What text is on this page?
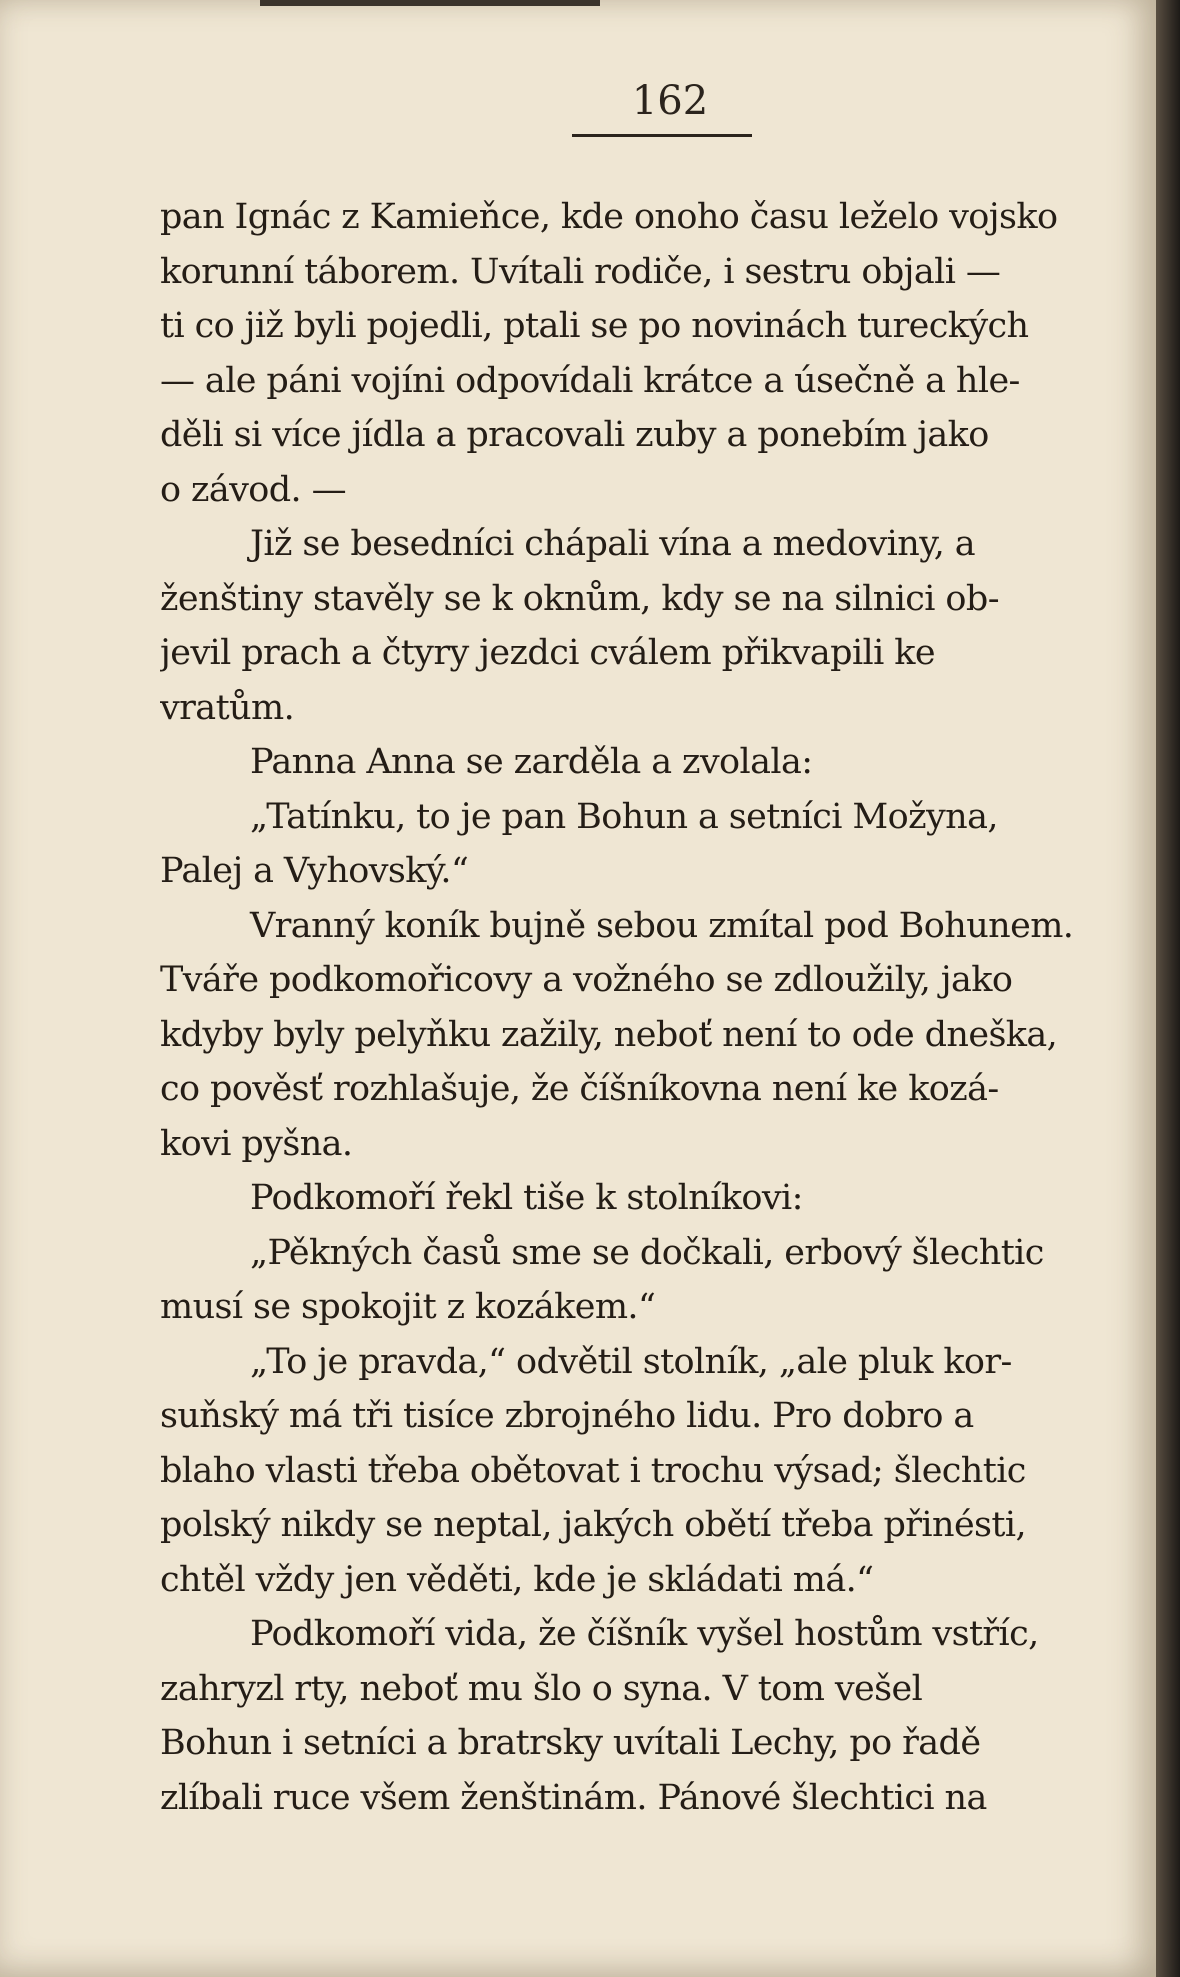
162

pan Ignác z Kamieňce, kde onoho času leželo vojsko
korunní táborem. Uvítali rodiče, i sestru objali —
ti co již byli pojedli, ptali se po novinách tureckých
— ale páni vojíni odpovídali krátce a úsečně a hle-
děli si více jídla a pracovali zuby a ponebím jako
o závod. —
Již se besedníci chápali vína a medoviny, a
ženštiny stavěly se k oknům, kdy se na silnici ob-
jevil prach a čtyry jezdci cválem přikvapili ke
vratům.
Panna Anna se zarděla a zvolala:
„Tatínku, to je pan Bohun a setníci Možyna,
Palej a Vyhovský.“
Vranný koník bujně sebou zmítal pod Bohunem.
Tváře podkomořicovy a vožného se zdloužily, jako
kdyby byly pelyňku zažily, neboť není to ode dneška,
co pověsť rozhlašuje, že číšníkovna není ke kozá-
kovi pyšna.
Podkomoří řekl tiše k stolníkovi:
„Pěkných časů sme se dočkali, erbový šlechtic
musí se spokojit z kozákem.“
„To je pravda,“ odvětil stolník, „ale pluk kor-
suňský má tři tisíce zbrojného lidu. Pro dobro a
blaho vlasti třeba obětovat i trochu výsad; šlechtic
polský nikdy se neptal, jakých obětí třeba přinésti,
chtěl vždy jen věděti, kde je skládati má.“
Podkomoří vida, že číšník vyšel hostům vstříc,
zahryzl rty, neboť mu šlo o syna. V tom vešel
Bohun i setníci a bratrsky uvítali Lechy, po řadě
zlíbali ruce všem ženštinám. Pánové šlechtici na
